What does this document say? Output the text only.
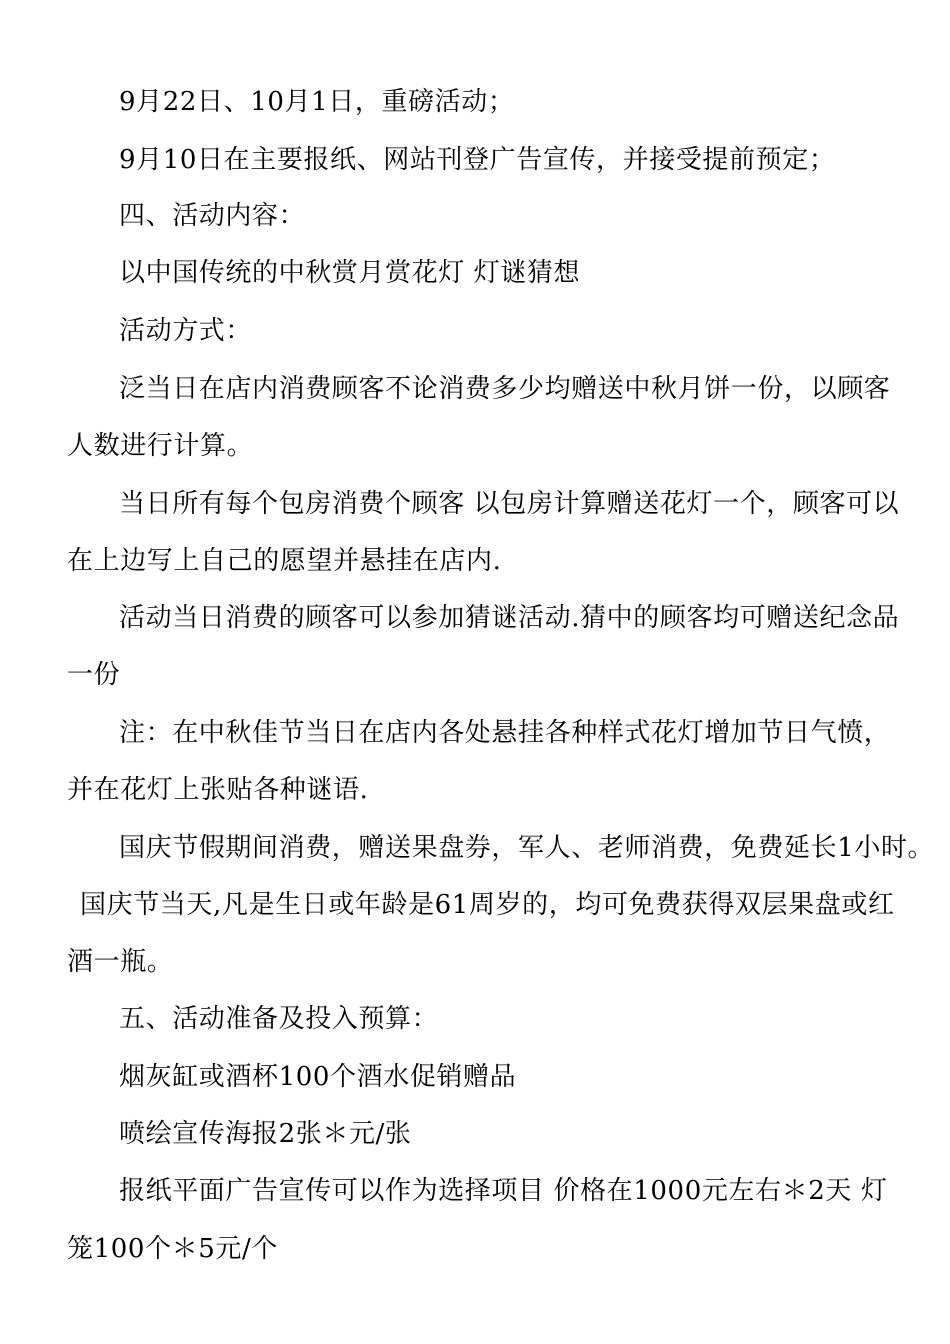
9月22日、10月1日，重磅活动；
9月10日在主要报纸、网站刊登广告宣传，并接受提前预定；
四、活动内容：
以中国传统的中秋赏月赏花灯 灯谜猜想
活动方式：
泛当日在店内消费顾客不论消费多少均赠送中秋月饼一份，以顾客
人数进行计算。
当日所有每个包房消费个顾客 以包房计算赠送花灯一个，顾客可以
在上边写上自己的愿望并悬挂在店内.
活动当日消费的顾客可以参加猜谜活动.猜中的顾客均可赠送纪念品
一份
注：在中秋佳节当日在店内各处悬挂各种样式花灯增加节日气愤，
并在花灯上张贴各种谜语.
国庆节假期间消费，赠送果盘券，军人、老师消费，免费延长1小时。
国庆节当天,凡是生日或年龄是61周岁的，均可免费获得双层果盘或红
酒一瓶。
五、活动准备及投入预算：
烟灰缸或酒杯100个酒水促销赠品
喷绘宣传海报2张＊元/张
报纸平面广告宣传可以作为选择项目 价格在1000元左右＊2天 灯
笼100个＊5元/个
